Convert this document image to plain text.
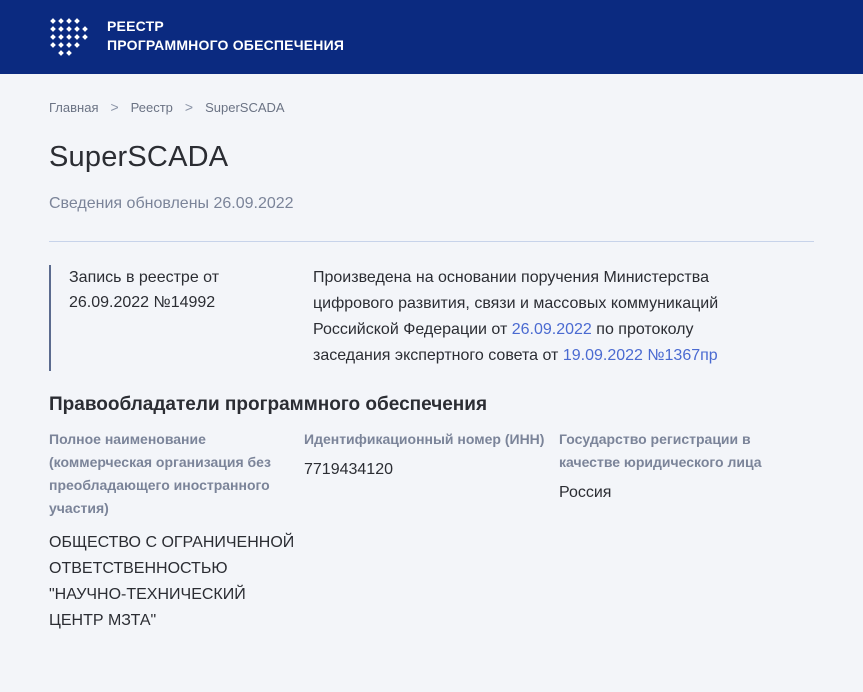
РЕЕСТР
ПРОГРАММНОГО ОБЕСПЕЧЕНИЯ
Главная > Реестр > SuperSCADA
SuperSCADA
Сведения обновлены 26.09.2022
Запись в реестре от
26.09.2022 №14992
Произведена на основании поручения Министерства цифрового развития, связи и массовых коммуникаций Российской Федерации от 26.09.2022 по протоколу заседания экспертного совета от 19.09.2022 №1367пр
Правообладатели программного обеспечения
Полное наименование (коммерческая организация без преобладающего иностранного участия)
ОБЩЕСТВО С ОГРАНИЧЕННОЙ ОТВЕТСТВЕННОСТЬЮ "НАУЧНО-ТЕХНИЧЕСКИЙ ЦЕНТР МЗТА"
Идентификационный номер (ИНН)
7719434120
Государство регистрации в качестве юридического лица
Россия
